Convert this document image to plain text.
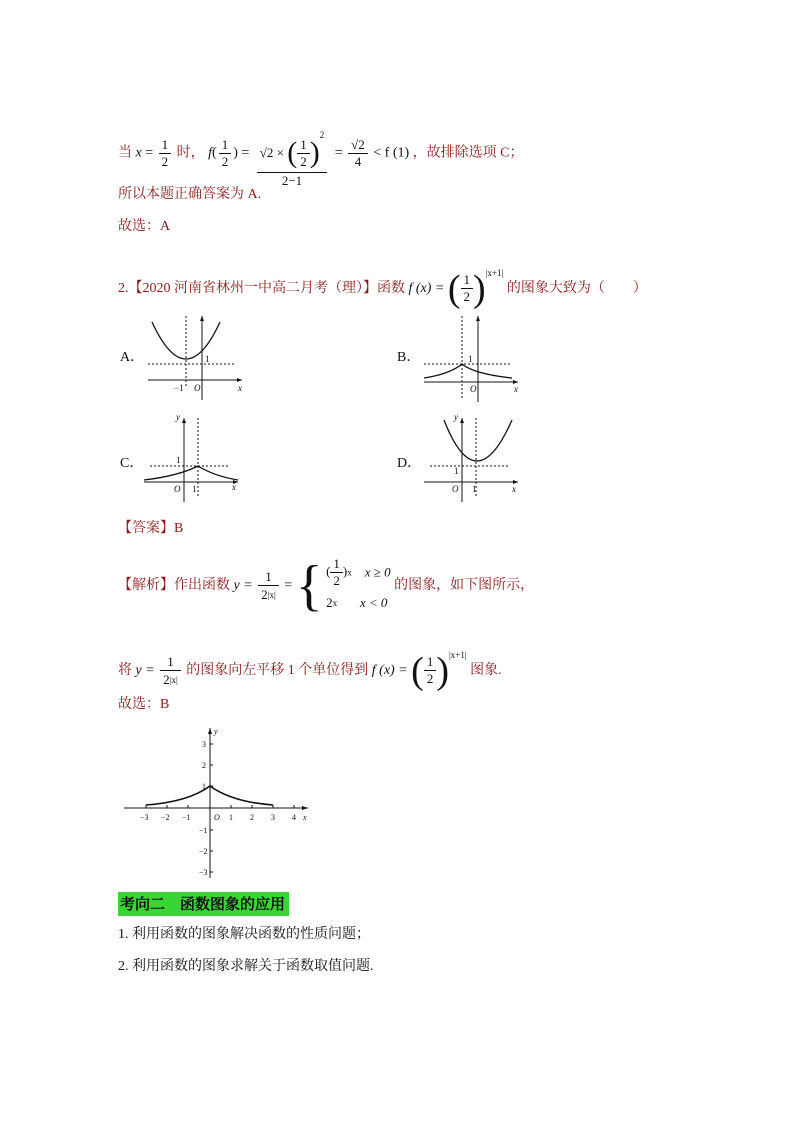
当 $x = \frac{1}{2}$ 时， $f( \frac{1}{2}$ ) = $\frac{√2 \times ( \frac{1}{2} )^2}{2-1} = \frac{√2}{4} < f$ (1) ，故排除选项 C；
所以本题正确答案为 A.
故选：A
2.【2020 河南省林州一中高二月考（理）】函数 f (x) = ( $\frac{1}{2} )^{|x+1|}$ 的图象大致为（　　）
A．	B．
C．	D．
1
−1 O	x
1
O	x
y
1
O 1	x
y
1
O 1	x
【答案】B
【解析】作出函数 $y = \frac{1}{2|x|}$ = { ( $\frac{1}{2} )x$ x ≥ 0
2x x < 0
的图象，如下图所示，
将 $y = \frac{1}{2|x|}$ 的图象向左平移 1 个单位得到 f (x) = ( $\frac{1}{2} )^{|x+1|}$ 图象.
故选：B
y
3
2
1
−1
−2
−3
−3 −2 −1	O 1 2 3 4 x
考向二　函数图象的应用
1. 利用函数的图象解决函数的性质问题；
2. 利用函数的图象求解关于函数取值问题.
